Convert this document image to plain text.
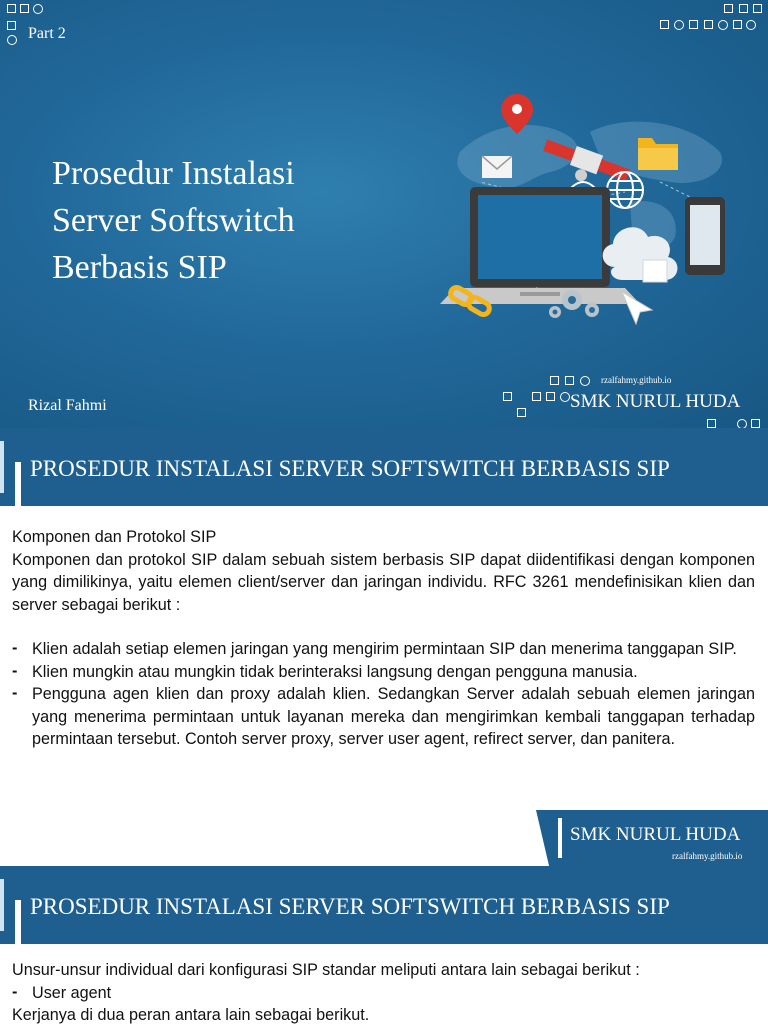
Part 2
Prosedur Instalasi
Server Softswitch
Berbasis SIP
Rizal Fahmi
rzalfahmy.github.io
SMK NURUL HUDA
PROSEDUR INSTALASI SERVER SOFTSWITCH BERBASIS SIP

Komponen dan Protokol SIP

Komponen dan protokol SIP dalam sebuah sistem berbasis SIP dapat diidentifikasi dengan komponen yang dimilikinya, yaitu elemen client/server dan jaringan individu. RFC 3261 mendefinisikan klien dan server sebagai berikut :

- Klien adalah setiap elemen jaringan yang mengirim permintaan SIP dan menerima tanggapan SIP.
- Klien mungkin atau mungkin tidak berinteraksi langsung dengan pengguna manusia.
- Pengguna agen klien dan proxy adalah klien. Sedangkan Server adalah sebuah elemen jaringan yang menerima permintaan untuk layanan mereka dan mengirimkan kembali tanggapan terhadap permintaan tersebut. Contoh server proxy, server user agent, refirect server, dan panitera.
SMK NURUL HUDA
rzalfahmy.github.io
PROSEDUR INSTALASI SERVER SOFTSWITCH BERBASIS SIP

Unsur-unsur individual dari konfigurasi SIP standar meliputi antara lain sebagai berikut :

- User agent

Kerjanya di dua peran antara lain sebagai berikut.
